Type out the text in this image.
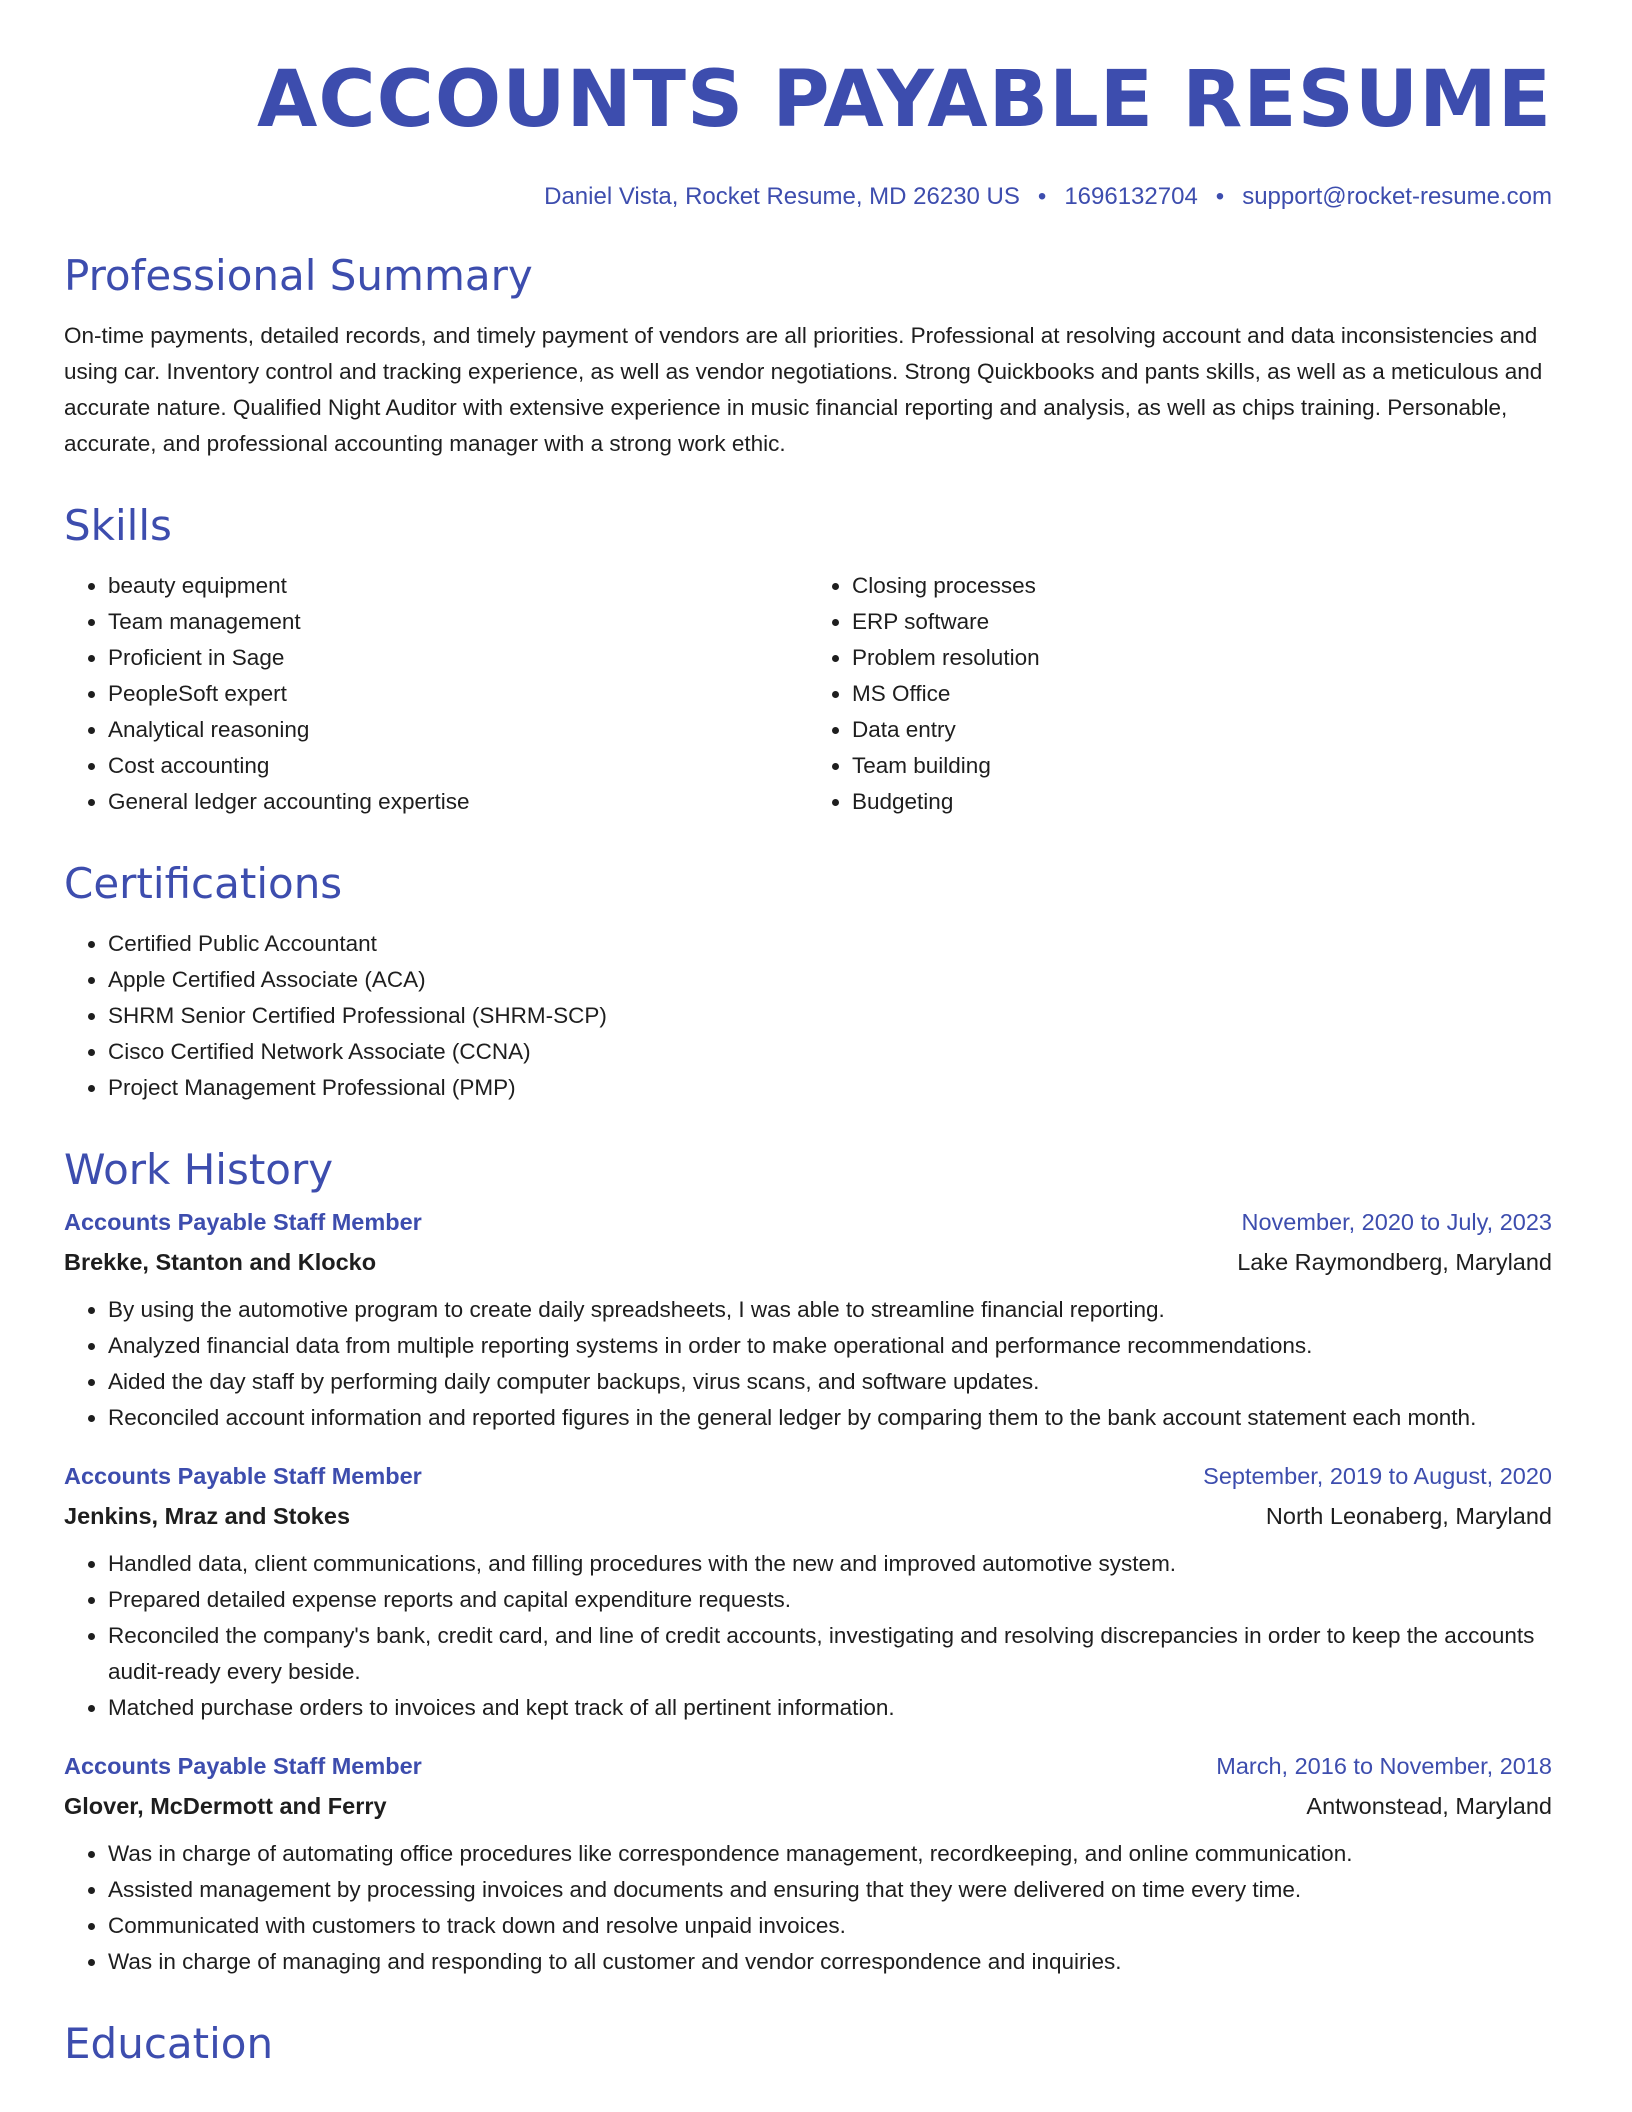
ACCOUNTS PAYABLE RESUME
Daniel Vista, Rocket Resume, MD 26230 US • 1696132704 • support@rocket-resume.com
Professional Summary

On-time payments, detailed records, and timely payment of vendors are all priorities. Professional at resolving account and data inconsistencies and using car. Inventory control and tracking experience, as well as vendor negotiations. Strong Quickbooks and pants skills, as well as a meticulous and accurate nature. Qualified Night Auditor with extensive experience in music financial reporting and analysis, as well as chips training. Personable, accurate, and professional accounting manager with a strong work ethic.

Skills
• beauty equipment
• Team management
• Proficient in Sage
• PeopleSoft expert
• Analytical reasoning
• Cost accounting
• General ledger accounting expertise
• Closing processes
• ERP software
• Problem resolution
• MS Office
• Data entry
• Team building
• Budgeting
Certifications
• Certified Public Accountant
• Apple Certified Associate (ACA)
• SHRM Senior Certified Professional (SHRM-SCP)
• Cisco Certified Network Associate (CCNA)
• Project Management Professional (PMP)
Work History
Accounts Payable Staff Member	November, 2020 to July, 2023
Brekke, Stanton and Klocko	Lake Raymondberg, Maryland
• By using the automotive program to create daily spreadsheets, I was able to streamline financial reporting.
• Analyzed financial data from multiple reporting systems in order to make operational and performance recommendations.
• Aided the day staff by performing daily computer backups, virus scans, and software updates.
• Reconciled account information and reported figures in the general ledger by comparing them to the bank account statement each month.
Accounts Payable Staff Member	September, 2019 to August, 2020
Jenkins, Mraz and Stokes	North Leonaberg, Maryland
• Handled data, client communications, and filling procedures with the new and improved automotive system.
• Prepared detailed expense reports and capital expenditure requests.
• Reconciled the company's bank, credit card, and line of credit accounts, investigating and resolving discrepancies in order to keep the accounts audit-ready every beside.
• Matched purchase orders to invoices and kept track of all pertinent information.
Accounts Payable Staff Member	March, 2016 to November, 2018
Glover, McDermott and Ferry	Antwonstead, Maryland
• Was in charge of automating office procedures like correspondence management, recordkeeping, and online communication.
• Assisted management by processing invoices and documents and ensuring that they were delivered on time every time.
• Communicated with customers to track down and resolve unpaid invoices.
• Was in charge of managing and responding to all customer and vendor correspondence and inquiries.
Education
